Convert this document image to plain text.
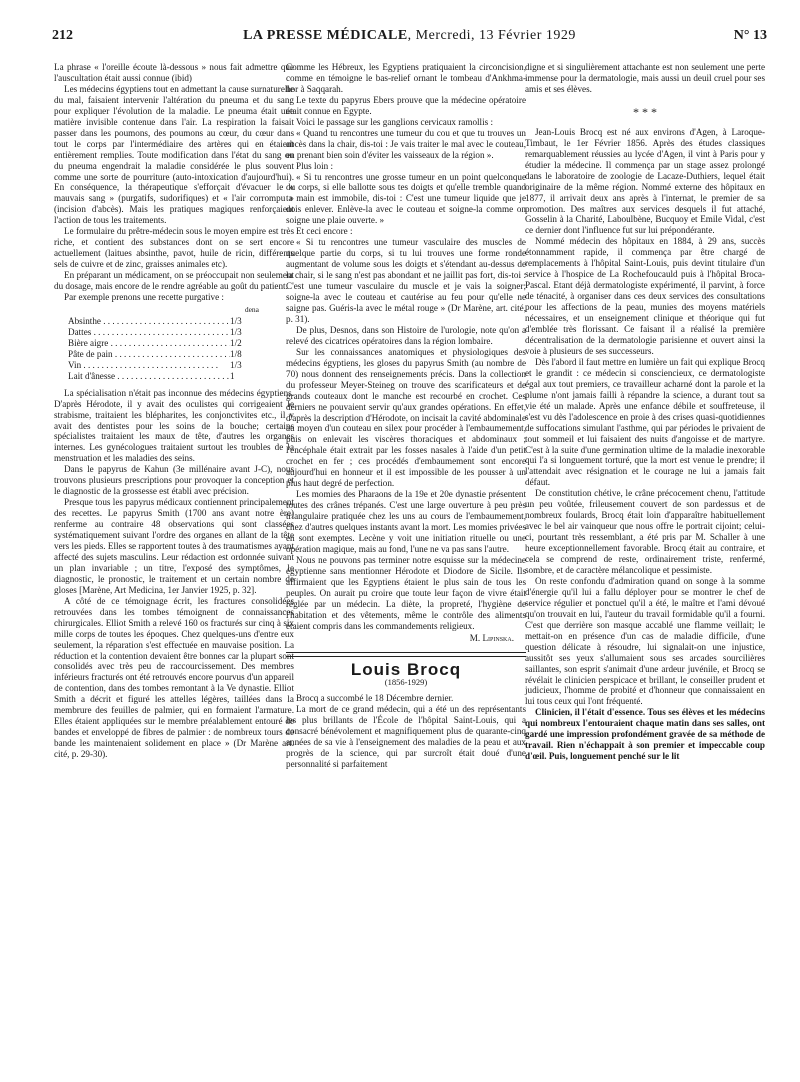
212	LA PRESSE MÉDICALE, Mercredi, 13 Février 1929	N° 13

La phrase « l'oreille écoute là-dessous » nous fait admettre que l'auscultation était aussi connue (ibid)

Les médecins égyptiens tout en admettant la cause surnaturelle du mal, faisaient intervenir l'altération du pneuma et du sang pour expliquer l'évolution de la maladie. Le pneuma était une matière invisible contenue dans l'air. La respiration la faisait passer dans les poumons, des poumons au cœur, du cœur dans tout le corps par l'intermédiaire des artères qui en étaient entièrement remplies. Toute modification dans l'état du sang ou du pneuma engendrait la maladie considérée le plus souvent comme une sorte de pourriture (auto-intoxication d'aujourd'hui). En conséquence, la thérapeutique s'efforçait d'évacuer le « mauvais sang » (purgatifs, sudorifiques) et « l'air corrompu » (incision d'abcès). Mais les pratiques magiques renforçaient l'action de tous les traitements.

Le formulaire du prêtre-médecin sous le moyen empire est très riche, et contient des substances dont on se sert encore actuellement (laitues absinthe, pavot, huile de ricin, différents sels de cuivre et de zinc, graisses animales etc).

En préparant un médicament, on se préoccupait non seulement du dosage, mais encore de le rendre agréable au goût du patient.

Par exemple prenons une recette purgative :

dena
Absinthe . . .	1/3
Dattes . . .	1/3
Bière aigre . . .	1/2
Pâte de pain . . .	1/8
Vin . . .	1/3
Lait d'ânesse . . .	1

La spécialisation n'était pas inconnue des médecins égyptiens. D'après Hérodote, il y avait des oculistes qui corrigeaient le strabisme, traitaient les blépharites, les conjonctivites etc., il y avait des dentistes pour les soins de la bouche; certains spécialistes traitaient les maux de tête, d'autres les organes internes. Les gynécologues traitaient surtout les troubles de la menstruation et les maladies des seins.

Dans le papyrus de Kahun (3e millénaire avant J-C), nous trouvons plusieurs prescriptions pour provoquer la conception et le diagnostic de la grossesse est établi avec précision.

Presque tous les papyrus médicaux contiennent principalement des recettes. Le papyrus Smith (1700 ans avant notre ère) renferme au contraire 48 observations qui sont classées systématiquement suivant l'ordre des organes en allant de la tête vers les pieds. Elles se rapportent toutes à des traumatismes ayant affecté des sujets masculins. Leur rédaction est ordonnée suivant un plan invariable ; un titre, l'exposé des symptômes, le diagnostic, le pronostic, le traitement et un certain nombre de gloses [Marène, Art Medicina, 1er Janvier 1925, p. 32].

A côté de ce témoignage écrit, les fractures consolidées retrouvées dans les tombes témoignent de connaissances chirurgicales. Elliot Smith a relevé 160 os fracturés sur cinq à six mille corps de toutes les époques. Chez quelques-uns d'entre eux seulement, la réparation s'est effectuée en mauvaise position. La réduction et la contention devaient être bonnes car la plupart sont consolidés avec très peu de raccourcissement. Des membres inférieurs fracturés ont été retrouvés encore pourvus d'un appareil de contention, dans des tombes remontant à la Ve dynastie. Elliot Smith a décrit et figuré les attelles légères, taillées dans la membrure des feuilles de palmier, qui en formaient l'armature. Elles étaient appliquées sur le membre préalablement entouré de bandes et enveloppé de fibres de palmier : de nombreux tours de bande les maintenaient solidement en place » (Dr Marène art. cité, p. 29-30).

Comme les Hébreux, les Egyptiens pratiquaient la circoncision, comme en témoigne le bas-relief ornant le tombeau d'Ankhma-hor à Saqqarah.

Le texte du papyrus Ebers prouve que la médecine opératoire était connue en Egypte.

Voici le passage sur les ganglions cervicaux ramollis :

« Quand tu rencontres une tumeur du cou et que tu trouves un abcès dans la chair, dis-toi : Je vais traiter le mal avec le couteau, en prenant bien soin d'éviter les vaisseaux de la région ».

Plus loin :

« Si tu rencontres une grosse tumeur en un point quelconque du corps, si elle ballotte sous tes doigts et qu'elle tremble quand ta main est immobile, dis-toi : C'est une tumeur liquide que je dois enlever. Enlève-la avec le couteau et soigne-la comme on soigne une plaie ouverte. »

Et ceci encore :

« Si tu rencontres une tumeur vasculaire des muscles de quelque partie du corps, si tu lui trouves une forme ronde augmentant de volume sous les doigts et s'étendant au-dessus de la chair, si le sang n'est pas abondant et ne jaillit pas fort, dis-toi : C'est une tumeur vasculaire du muscle et je vais la soigner; soigne-la avec le couteau et cautérise au feu pour qu'elle ne saigne pas. Guéris-la avec le métal rouge » (Dr Marène, art. cité, p. 31).

De plus, Desnos, dans son Histoire de l'urologie, note qu'on a relevé des cicatrices opératoires dans la région lombaire.

Sur les connaissances anatomiques et physiologiques des médecins égyptiens, les gloses du papyrus Smith (au nombre de 70) nous donnent des renseignements précis. Dans la collection du professeur Meyer-Steineg on trouve des scarificateurs et de grands couteaux dont le manche est recourbé en crochet. Ces derniers ne pouvaient servir qu'aux grandes opérations. En effet, d'après la description d'Hérodote, on incisait la cavité abdominale au moyen d'un couteau en silex pour procéder à l'embaumement, puis on enlevait les viscères thoraciques et abdominaux ; l'encéphale était extrait par les fosses nasales à l'aide d'un petit crochet en fer ; ces procédés d'embaumement sont encore aujourd'hui en honneur et il est impossible de les pousser à un plus haut degré de perfection.

Les momies des Pharaons de la 19e et 20e dynastie présentent toutes des crânes trépanés. C'est une large ouverture à peu près triangulaire pratiquée chez les uns au cours de l'embaumement, chez d'autres quelques instants avant la mort. Les momies privées en sont exemptes. Lecène y voit une initiation rituelle ou une opération magique, mais au fond, l'une ne va pas sans l'autre.

Nous ne pouvons pas terminer notre esquisse sur la médecine égyptienne sans mentionner Hérodote et Diodore de Sicile. Ils affirmaient que les Egyptiens étaient le plus sain de tous les peuples. On aurait pu croire que toute leur façon de vivre était réglée par un médecin. La diète, la propreté, l'hygiène de l'habitation et des vêtements, même le contrôle des aliments étaient compris dans les commandements religieux.

M. Lipinska.
Louis Brocq
(1856-1929)

Brocq a succombé le 18 Décembre dernier.

La mort de ce grand médecin, qui a été un des représentants les plus brillants de l'École de l'hôpital Saint-Louis, qui a consacré bénévolement et magnifiquement plus de quarante-cinq années de sa vie à l'enseignement des maladies de la peau et aux progrès de la science, qui par surcroît était doué d'une personnalité si parfaitement

digne et si singulièrement attachante est non seulement une perte immense pour la dermatologie, mais aussi un deuil cruel pour ses amis et ses élèves.

* * *

Jean-Louis Brocq est né aux environs d'Agen, à Laroque-Timbaut, le 1er Février 1856. Après des études classiques remarquablement réussies au lycée d'Agen, il vint à Paris pour y étudier la médecine. Il commença par un stage assez prolongé dans le laboratoire de zoologie de Lacaze-Duthiers, lequel était originaire de la même région. Nommé externe des hôpitaux en 1877, il arrivait deux ans après à l'internat, le premier de sa promotion. Des maîtres aux services desquels il fut attaché, Gosselin à la Charité, Laboulbène, Bucquoy et Emile Vidal, c'est ce dernier dont l'influence fut sur lui prépondérante.

Nommé médecin des hôpitaux en 1884, à 29 ans, succès étonnamment rapide, il commença par être chargé de remplacements à l'hôpital Saint-Louis, puis devint titulaire d'un service à l'hospice de La Rochefoucauld puis à l'hôpital Broca-Pascal. Etant déjà dermatologiste expérimenté, il parvint, à force de ténacité, à organiser dans ces deux services des consultations pour les affections de la peau, munies des moyens matériels nécessaires, et un enseignement clinique et théorique qui fut d'emblée très florissant. Ce faisant il a réalisé la première décentralisation de la dermatologie parisienne et ouvert ainsi la voie à plusieurs de ses successeurs.

Dès l'abord il faut mettre en lumière un fait qui explique Brocq et le grandit : ce médecin si consciencieux, ce dermatologiste égal aux tout premiers, ce travailleur acharné dont la parole et la plume n'ont jamais failli à répandre la science, a durant tout sa vie été un malade. Après une enfance débile et souffreteuse, il s'est vu dès l'adolescence en proie à des crises quasi-quotidiennes de suffocations simulant l'asthme, qui par périodes le privaient de tout sommeil et lui faisaient des nuits d'angoisse et de martyre. C'est à la suite d'une germination ultime de la maladie inexorable qui l'a si longuement torturé, que la mort est venue le prendre; il l'attendait avec résignation et le courage ne lui a jamais fait défaut.

De constitution chétive, le crâne précocement chenu, l'attitude un peu voûtée, frileusement couvert de son pardessus et de nombreux foulards, Brocq était loin d'apparaître habituellement avec le bel air vainqueur que nous offre le portrait cijoint; celui-ci, pourtant très ressemblant, a été pris par M. Schaller à une heure exceptionnellement favorable. Brocq était au contraire, et cela se comprend de reste, ordinairement triste, renfermé, sombre, et de caractère mélancolique et pessimiste.

On reste confondu d'admiration quand on songe à la somme d'énergie qu'il lui a fallu déployer pour se montrer le chef de service régulier et ponctuel qu'il a été, le maître et l'ami dévoué qu'on trouvait en lui, l'auteur du travail formidable qu'il a fourni. C'est que derrière son masque accablé une flamme veillait; le mettait-on en présence d'un cas de maladie difficile, d'une question délicate à résoudre, lui signalait-on une injustice, aussitôt ses yeux s'allumaient sous ses arcades sourcilières saillantes, son esprit s'animait d'une ardeur juvénile, et Brocq se révélait le clinicien perspicace et brillant, le conseiller prudent et judicieux, l'homme de probité et d'honneur que connaissaient en lui tous ceux qui l'ont fréquenté.

Clinicien, il l'était d'essence. Tous ses élèves et les médecins qui nombreux l'entouraient chaque matin dans ses salles, ont gardé une impression profondément gravée de sa méthode de travail. Rien n'échappait à son premier et impeccable coup d'œil. Puis, longuement penché sur le lit
